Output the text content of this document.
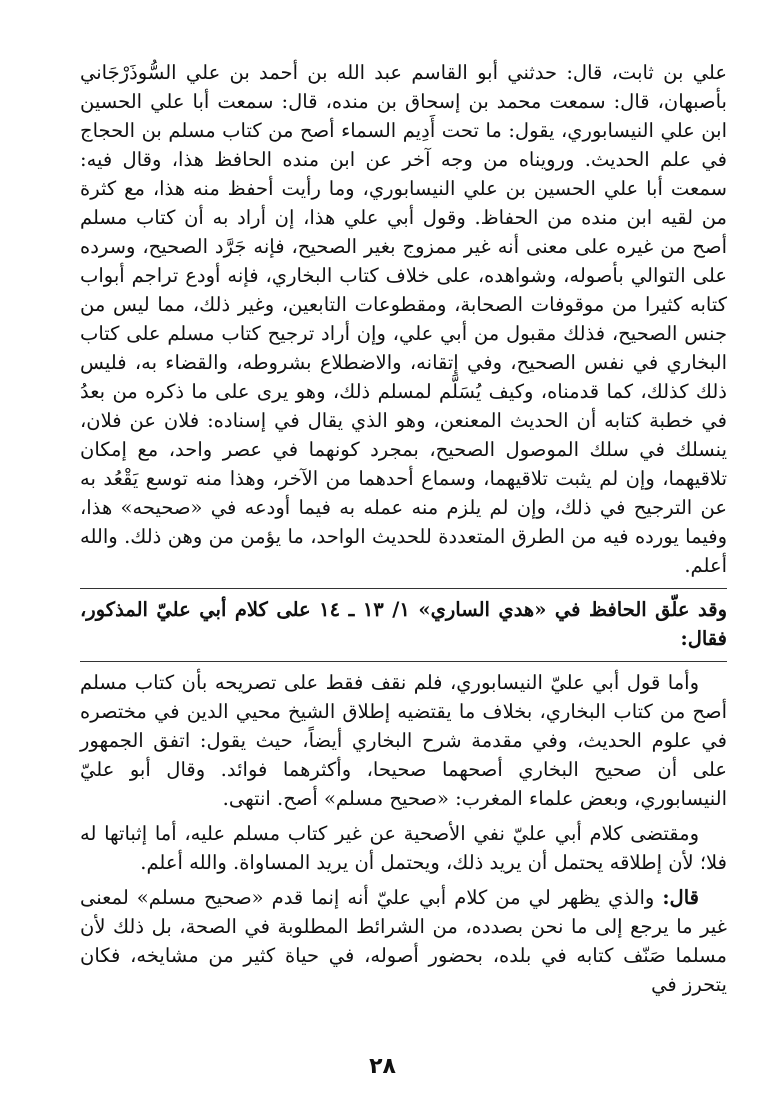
علي بن ثابت، قال: حدثني أبو القاسم عبد الله بن أحمد بن علي السُّوذَرْجَاني بأصبهان، قال: سمعت محمد بن إسحاق بن منده، قال: سمعت أبا علي الحسين ابن علي النيسابوري، يقول: ما تحت أَدِيم السماء أصح من كتاب مسلم بن الحجاج في علم الحديث. ورويناه من وجه آخر عن ابن منده الحافظ هذا، وقال فيه: سمعت أبا علي الحسين بن علي النيسابوري، وما رأيت أحفظ منه هذا، مع كثرة من لقيه ابن منده من الحفاظ. وقول أبي علي هذا، إن أراد به أن كتاب مسلم أصح من غيره على معنى أنه غير ممزوج بغير الصحيح، فإنه جَرَّد الصحيح، وسرده على التوالي بأصوله، وشواهده، على خلاف كتاب البخاري، فإنه أودع تراجم أبواب كتابه كثيرا من موقوفات الصحابة، ومقطوعات التابعين، وغير ذلك، مما ليس من جنس الصحيح، فذلك مقبول من أبي علي، وإن أراد ترجيح كتاب مسلم على كتاب البخاري في نفس الصحيح، وفي إتقانه، والاضطلاع بشروطه، والقضاء به، فليس ذلك كذلك، كما قدمناه، وكيف يُسَلَّم لمسلم ذلك، وهو يرى على ما ذكره من بعدُ في خطبة كتابه أن الحديث المعنعن، وهو الذي يقال في إسناده: فلان عن فلان، ينسلك في سلك الموصول الصحيح، بمجرد كونهما في عصر واحد، مع إمكان تلاقيهما، وإن لم يثبت تلاقيهما، وسماع أحدهما من الآخر، وهذا منه توسع يَقْعُد به عن الترجيح في ذلك، وإن لم يلزم منه عمله به فيما أودعه في «صحيحه» هذا، وفيما يورده فيه من الطرق المتعددة للحديث الواحد، ما يؤمن من وهن ذلك. والله أعلم.

وقد علّق الحافظ في «هدي الساري» ١/ ١٣ ـ ١٤ على كلام أبي عليّ المذكور، فقال:

وأما قول أبي عليّ النيسابوري، فلم نقف فقط على تصريحه بأن كتاب مسلم أصح من كتاب البخاري، بخلاف ما يقتضيه إطلاق الشيخ محيي الدين في مختصره في علوم الحديث، وفي مقدمة شرح البخاري أيضاً، حيث يقول: اتفق الجمهور على أن صحيح البخاري أصحهما صحيحا، وأكثرهما فوائد. وقال أبو عليّ النيسابوري، وبعض علماء المغرب: «صحيح مسلم» أصح. انتهى.

ومقتضى كلام أبي عليّ نفي الأصحية عن غير كتاب مسلم عليه، أما إثباتها له فلا؛ لأن إطلاقه يحتمل أن يريد ذلك، ويحتمل أن يريد المساواة. والله أعلم.

قال: والذي يظهر لي من كلام أبي عليّ أنه إنما قدم «صحيح مسلم» لمعنى غير ما يرجع إلى ما نحن بصدده، من الشرائط المطلوبة في الصحة، بل ذلك لأن مسلما صَنّف كتابه في بلده، بحضور أصوله، في حياة كثير من مشايخه، فكان يتحرز في

٢٨
